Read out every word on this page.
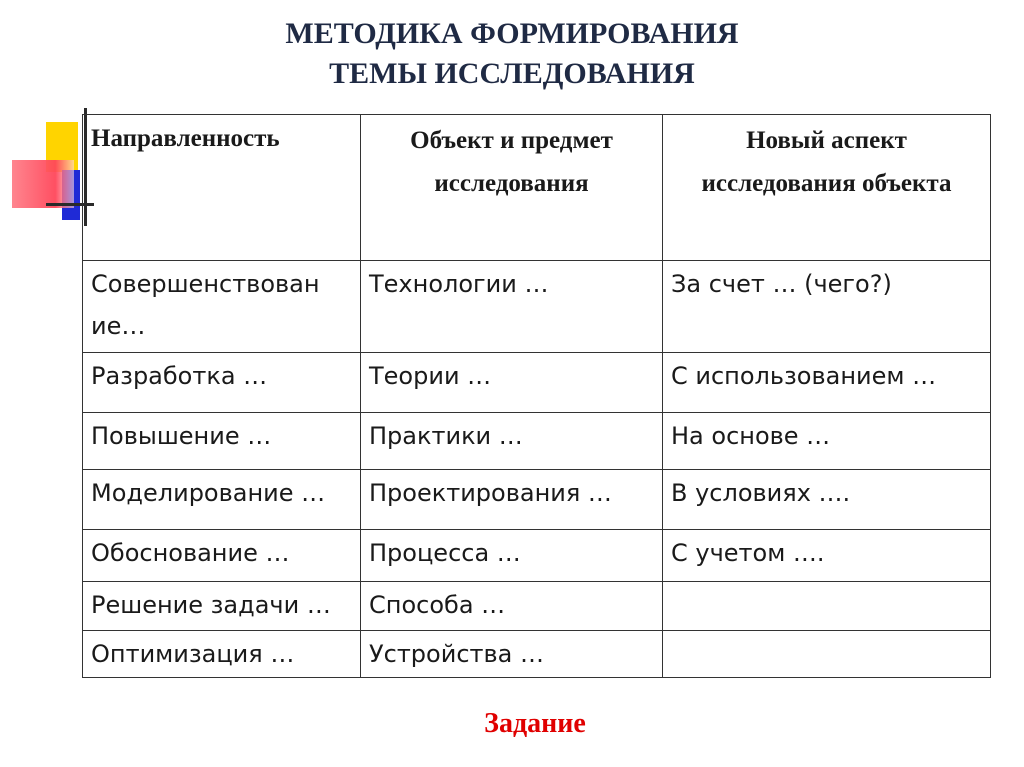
МЕТОДИКА ФОРМИРОВАНИЯ
ТЕМЫ ИССЛЕДОВАНИЯ
Направленность	Объект и предмет исследования	Новый аспект исследования объекта

Совершенствован ие…	Технологии …	За счет … (чего?)

Разработка …	Теории …	С использованием …

Повышение …	Практики …	На основе …

Моделирование …	Проектирования …	В условиях ….

Обоснование …	Процесса …	С учетом ….

Решение задачи …	Способа …	

Оптимизация …	Устройства …	

Задание
